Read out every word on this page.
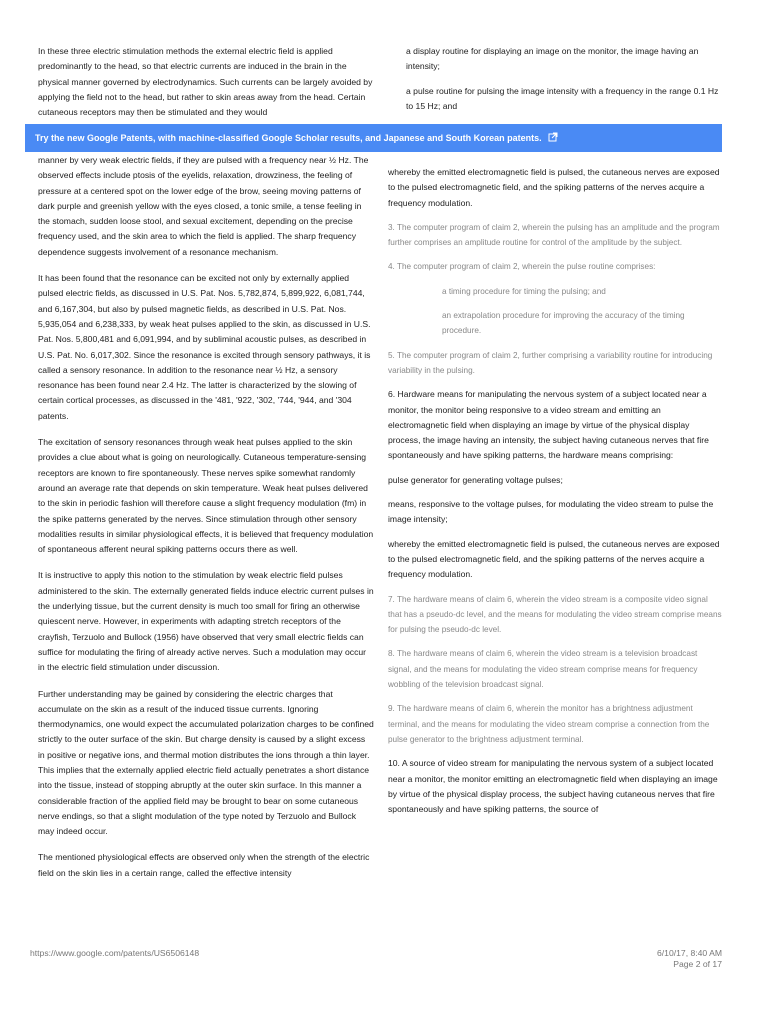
In these three electric stimulation methods the external electric field is applied predominantly to the head, so that electric currents are induced in the brain in the physical manner governed by electrodynamics. Such currents can be largely avoided by applying the field not to the head, but rather to skin areas away from the head. Certain cutaneous receptors may then be stimulated and they would

a display routine for displaying an image on the monitor, the image having an intensity;

a pulse routine for pulsing the image intensity with a frequency in the range 0.1 Hz to 15 Hz; and

manner by very weak electric fields, if they are pulsed with a frequency near ½ Hz. The observed effects include ptosis of the eyelids, relaxation, drowziness, the feeling of pressure at a centered spot on the lower edge of the brow, seeing moving patterns of dark purple and greenish yellow with the eyes closed, a tonic smile, a tense feeling in the stomach, sudden loose stool, and sexual excitement, depending on the precise frequency used, and the skin area to which the field is applied. The sharp frequency dependence suggests involvement of a resonance mechanism.

It has been found that the resonance can be excited not only by externally applied pulsed electric fields, as discussed in U.S. Pat. Nos. 5,782,874, 5,899,922, 6,081,744, and 6,167,304, but also by pulsed magnetic fields, as described in U.S. Pat. Nos. 5,935,054 and 6,238,333, by weak heat pulses applied to the skin, as discussed in U.S. Pat. Nos. 5,800,481 and 6,091,994, and by subliminal acoustic pulses, as described in U.S. Pat. No. 6,017,302. Since the resonance is excited through sensory pathways, it is called a sensory resonance. In addition to the resonance near ½ Hz, a sensory resonance has been found near 2.4 Hz. The latter is characterized by the slowing of certain cortical processes, as discussed in the '481, '922, '302, '744, '944, and '304 patents.

The excitation of sensory resonances through weak heat pulses applied to the skin provides a clue about what is going on neurologically. Cutaneous temperature-sensing receptors are known to fire spontaneously. These nerves spike somewhat randomly around an average rate that depends on skin temperature. Weak heat pulses delivered to the skin in periodic fashion will therefore cause a slight frequency modulation (fm) in the spike patterns generated by the nerves. Since stimulation through other sensory modalities results in similar physiological effects, it is believed that frequency modulation of spontaneous afferent neural spiking patterns occurs there as well.

It is instructive to apply this notion to the stimulation by weak electric field pulses administered to the skin. The externally generated fields induce electric current pulses in the underlying tissue, but the current density is much too small for firing an otherwise quiescent nerve. However, in experiments with adapting stretch receptors of the crayfish, Terzuolo and Bullock (1956) have observed that very small electric fields can suffice for modulating the firing of already active nerves. Such a modulation may occur in the electric field stimulation under discussion.

Further understanding may be gained by considering the electric charges that accumulate on the skin as a result of the induced tissue currents. Ignoring thermodynamics, one would expect the accumulated polarization charges to be confined strictly to the outer surface of the skin. But charge density is caused by a slight excess in positive or negative ions, and thermal motion distributes the ions through a thin layer. This implies that the externally applied electric field actually penetrates a short distance into the tissue, instead of stopping abruptly at the outer skin surface. In this manner a considerable fraction of the applied field may be brought to bear on some cutaneous nerve endings, so that a slight modulation of the type noted by Terzuolo and Bullock may indeed occur.

The mentioned physiological effects are observed only when the strength of the electric field on the skin lies in a certain range, called the effective intensity

whereby the emitted electromagnetic field is pulsed, the cutaneous nerves are exposed to the pulsed electromagnetic field, and the spiking patterns of the nerves acquire a frequency modulation.

3. The computer program of claim 2, wherein the pulsing has an amplitude and the program further comprises an amplitude routine for control of the amplitude by the subject.

4. The computer program of claim 2, wherein the pulse routine comprises:

a timing procedure for timing the pulsing; and

an extrapolation procedure for improving the accuracy of the timing procedure.

5. The computer program of claim 2, further comprising a variability routine for introducing variability in the pulsing.

6. Hardware means for manipulating the nervous system of a subject located near a monitor, the monitor being responsive to a video stream and emitting an electromagnetic field when displaying an image by virtue of the physical display process, the image having an intensity, the subject having cutaneous nerves that fire spontaneously and have spiking patterns, the hardware means comprising:

pulse generator for generating voltage pulses;

means, responsive to the voltage pulses, for modulating the video stream to pulse the image intensity;

whereby the emitted electromagnetic field is pulsed, the cutaneous nerves are exposed to the pulsed electromagnetic field, and the spiking patterns of the nerves acquire a frequency modulation.

7. The hardware means of claim 6, wherein the video stream is a composite video signal that has a pseudo-dc level, and the means for modulating the video stream comprise means for pulsing the pseudo-dc level.

8. The hardware means of claim 6, wherein the video stream is a television broadcast signal, and the means for modulating the video stream comprise means for frequency wobbling of the television broadcast signal.

9. The hardware means of claim 6, wherein the monitor has a brightness adjustment terminal, and the means for modulating the video stream comprise a connection from the pulse generator to the brightness adjustment terminal.

10. A source of video stream for manipulating the nervous system of a subject located near a monitor, the monitor emitting an electromagnetic field when displaying an image by virtue of the physical display process, the subject having cutaneous nerves that fire spontaneously and have spiking patterns, the source of

Try the new Google Patents, with machine-classified Google Scholar results, and Japanese and South Korean patents.
https://www.google.com/patents/US6506148	6/10/17, 8:40 AM
Page 2 of 17
